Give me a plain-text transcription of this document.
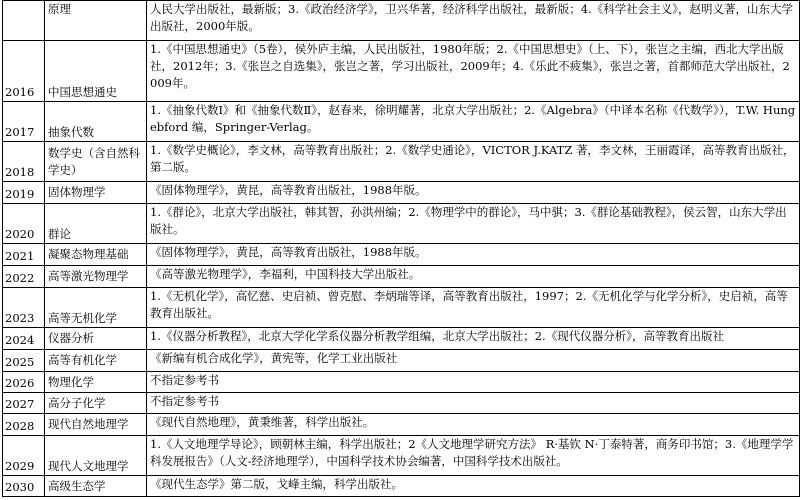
	原理	人民大学出版社，最新版；3.《政治经济学》，卫兴华著，经济科学出版社，最新版；4.《科学社会主义》，赵明义著，山东大学出版社，2000年版。
2016	中国思想通史	1.《中国思想通史》（5卷），侯外庐主编，人民出版社，1980年版；2.《中国思想史》（上、下），张岂之主编，西北大学出版社，2012年；3.《张岂之自选集》，张岂之著，学习出版社，2009年；4.《乐此不疲集》，张岂之著，首都师范大学出版社，2009年。
2017	抽象代数	1.《抽象代数Ⅰ》和《抽象代数Ⅱ》，赵春来，徐明耀著，北京大学出版社；2.《Algebra》（中译本名称《代数学》），T.W. Hungebford 编，Springer-Verlag。
2018	数学史（含自然科学史）	1.《数学史概论》，李文林，高等教育出版社；2.《数学史通论》，VICTOR J.KATZ 著，李文林，王丽霞译，高等教育出版社，第二版。
2019	固体物理学	《固体物理学》，黄昆，高等教育出版社，1988年版。
2020	群论	1.《群论》，北京大学出版社，韩其智，孙洪州编；2.《物理学中的群论》，马中骐；3.《群论基础教程》，侯云智，山东大学出版社。
2021	凝聚态物理基础	《固体物理学》，黄昆，高等教育出版社，1988年版。
2022	高等激光物理学	《高等激光物理学》，李福利，中国科技大学出版社。
2023	高等无机化学	1.《无机化学》，高忆慈、史启祯、曾克慰、李炳瑞等译，高等教育出版社，1997；2.《无机化学与化学分析》，史启祯，高等教育出版社。
2024	仪器分析	1.《仪器分析教程》，北京大学化学系仪器分析教学组编，北京大学出版社；2.《现代仪器分析》，高等教育出版社
2025	高等有机化学	《新编有机合成化学》，黄宪等，化学工业出版社
2026	物理化学	不指定参考书
2027	高分子化学	不指定参考书
2028	现代自然地理学	《现代自然地理》，黄秉维著，科学出版社。
2029	现代人文地理学	1.《人文地理学导论》，顾朝林主编，科学出版社；2《人文地理学研究方法》 R·基钦 N·丁泰特著，商务印书馆；3.《地理学学科发展报告》（人文-经济地理学），中国科学技术协会编著，中国科学技术出版社。
2030	高级生态学	《现代生态学》第二版，戈峰主编，科学出版社。
